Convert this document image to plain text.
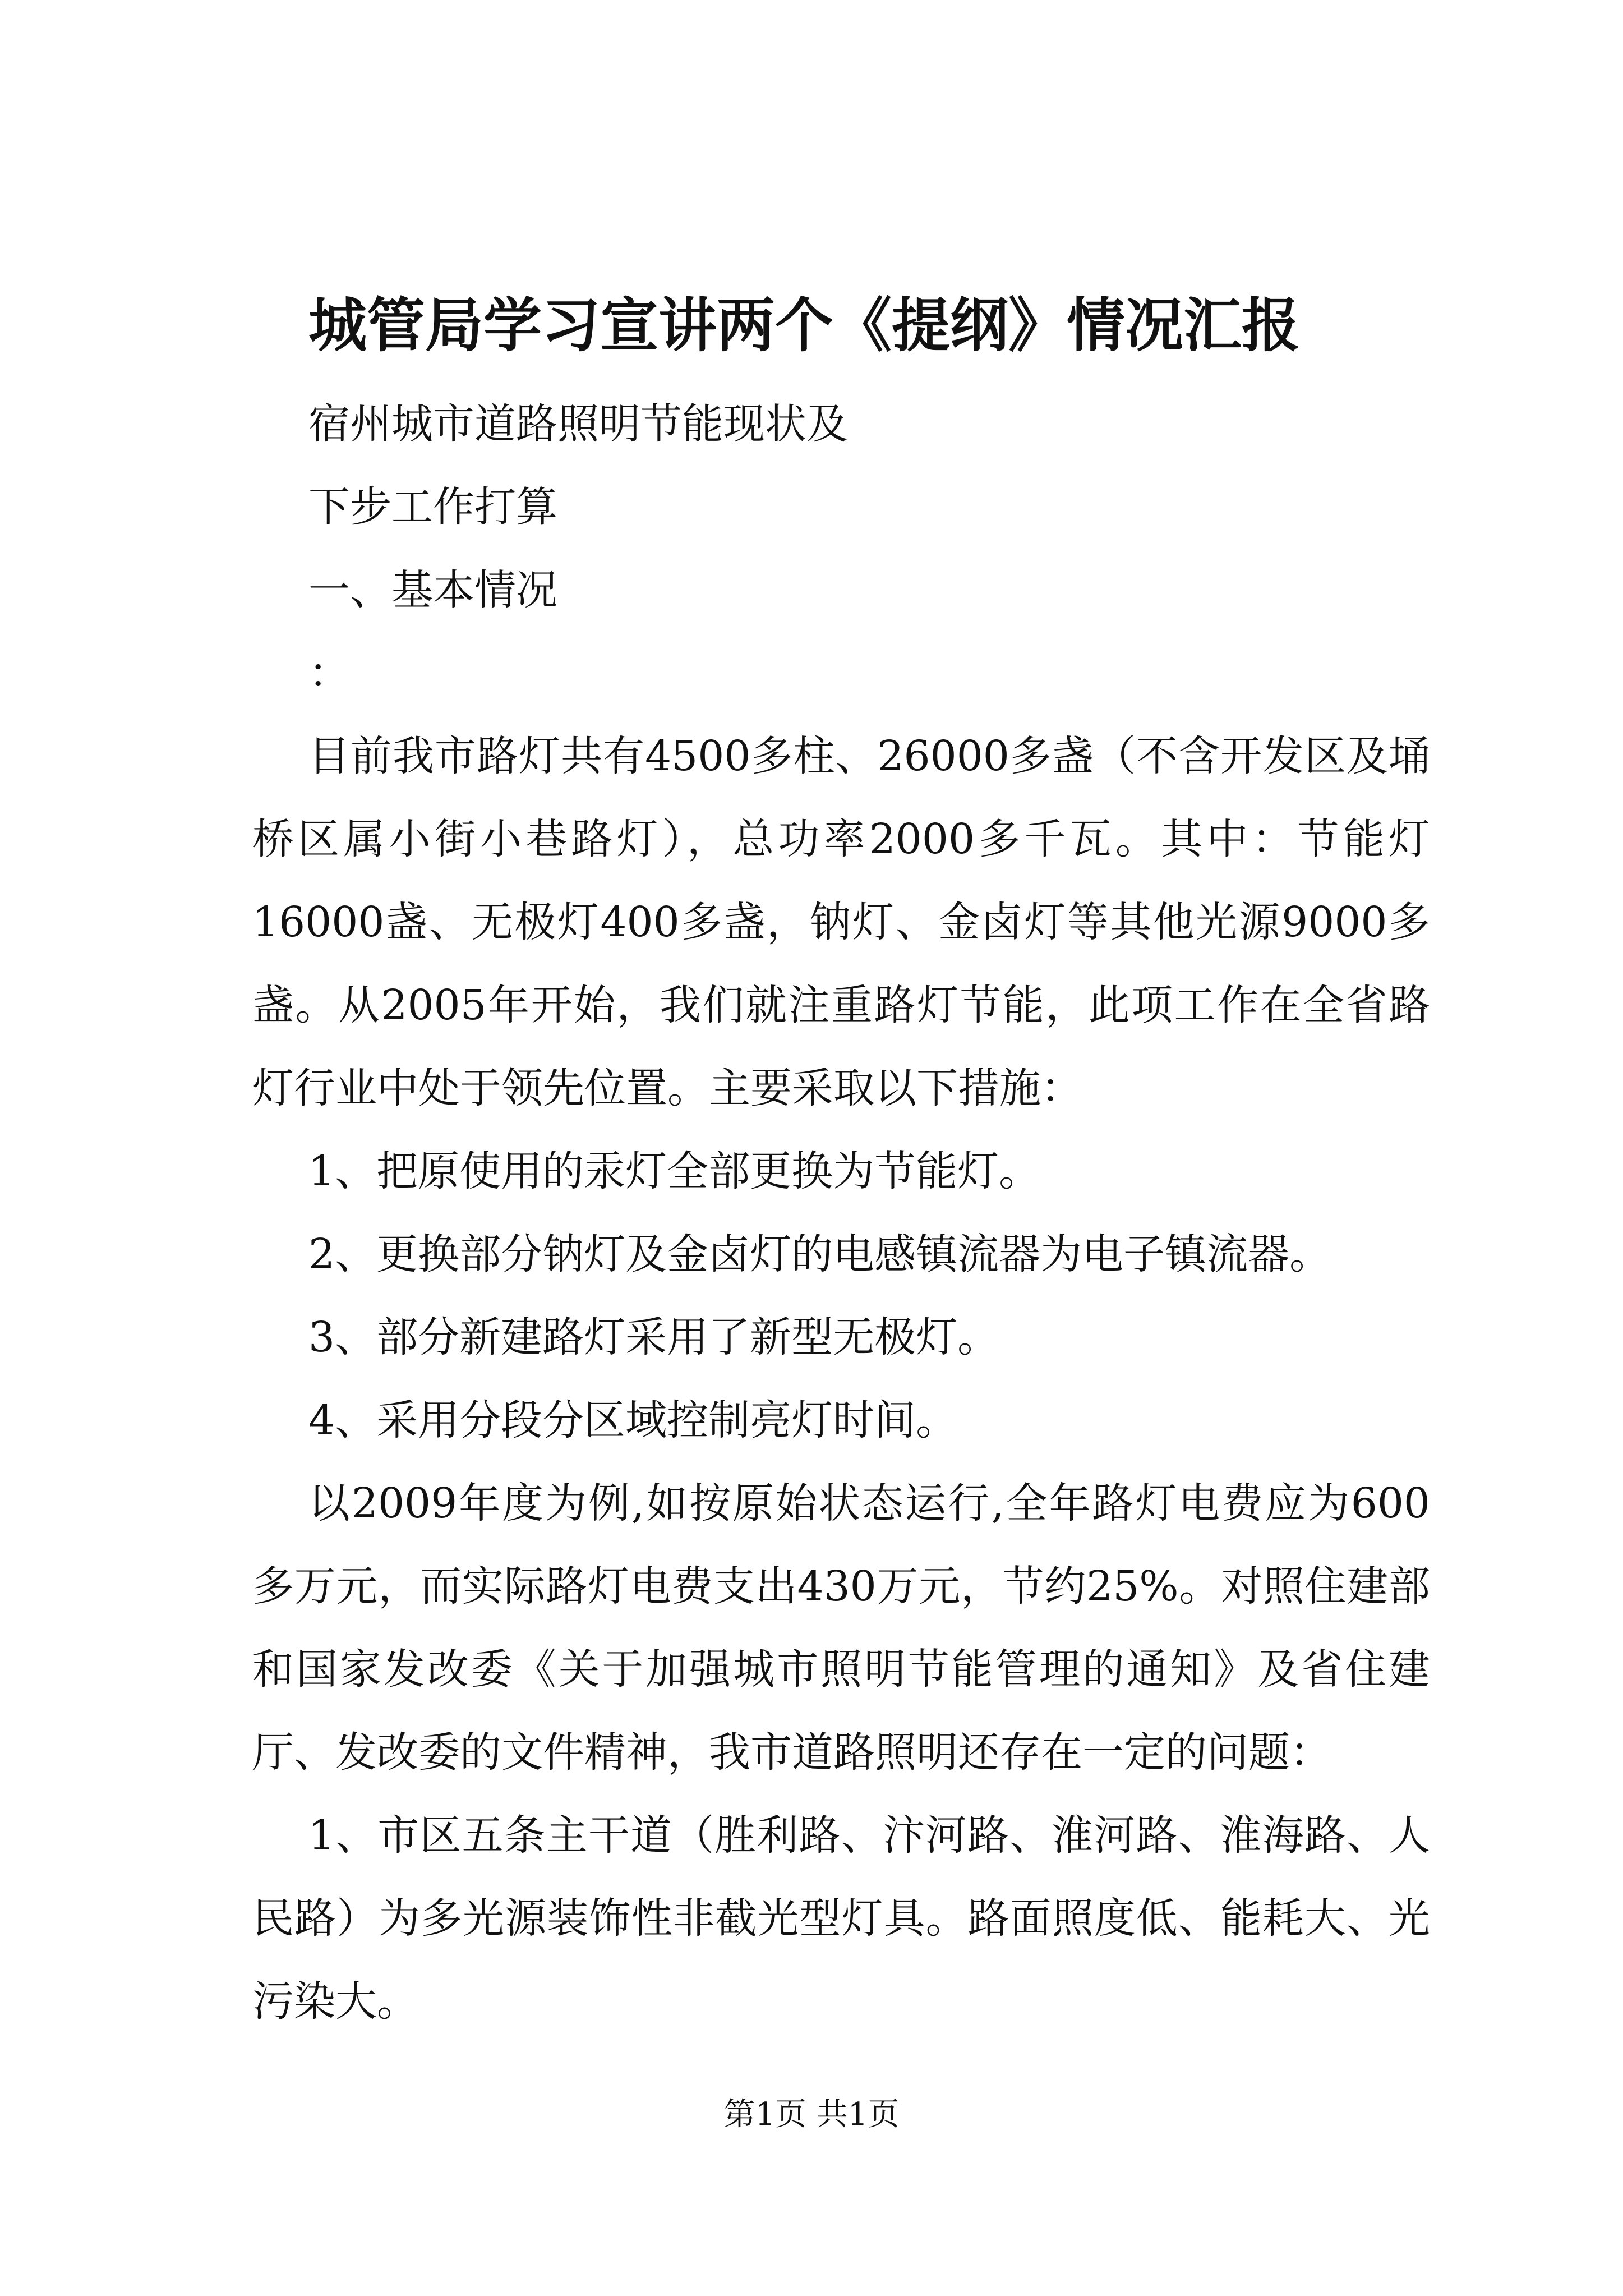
城管局学习宣讲两个《提纲》情况汇报

宿州城市道路照明节能现状及

下步工作打算

一、基本情况

：

目前我市路灯共有4500多柱、26000多盏（不含开发区及埇桥区属小街小巷路灯），总功率2000多千瓦。其中：节能灯16000盏、无极灯400多盏，钠灯、金卤灯等其他光源9000多盏。从2005年开始，我们就注重路灯节能，此项工作在全省路灯行业中处于领先位置。主要采取以下措施：

1、把原使用的汞灯全部更换为节能灯。

2、更换部分钠灯及金卤灯的电感镇流器为电子镇流器。

3、部分新建路灯采用了新型无极灯。

4、采用分段分区域控制亮灯时间。

以2009年度为例,如按原始状态运行,全年路灯电费应为600多万元，而实际路灯电费支出430万元，节约25%。对照住建部和国家发改委《关于加强城市照明节能管理的通知》及省住建厅、发改委的文件精神，我市道路照明还存在一定的问题：

1、市区五条主干道（胜利路、汴河路、淮河路、淮海路、人民路）为多光源装饰性非截光型灯具。路面照度低、能耗大、光污染大。

第1页 共1页
